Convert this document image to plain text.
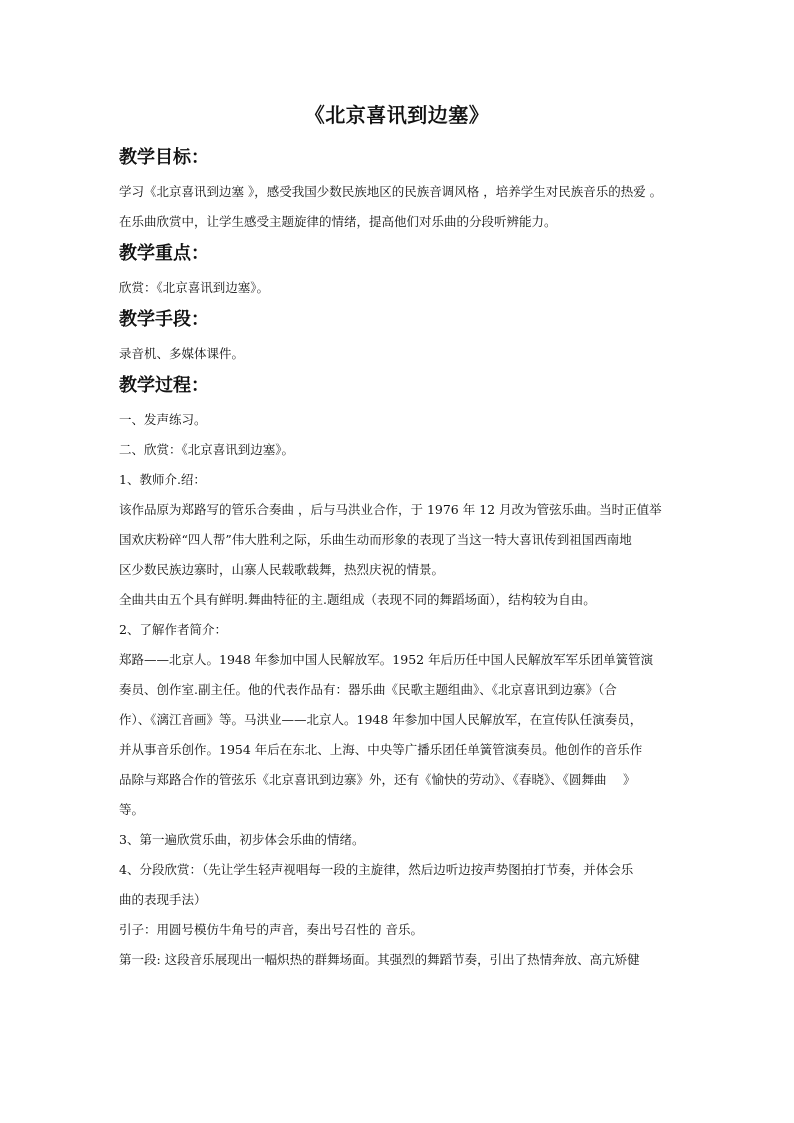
《北京喜讯到边塞》
教学目标：

学习《北京喜讯到边塞 》，感受我国少数民族地区的民族音调风格 ，培养学生对民族音乐的热爱 。

在乐曲欣赏中，让学生感受主题旋律的情绪，提高他们对乐曲的分段听辨能力。

教学重点：

欣赏：《北京喜讯到边塞》。

教学手段：

录音机、多媒体课件。

教学过程：

一、发声练习。

二、欣赏：《北京喜讯到边塞》。

1、教师介.绍：

该作品原为郑路写的管乐合奏曲 ，后与马洪业合作，于 1976 年 12 月改为管弦乐曲。当时正值举

国欢庆粉碎“四人帮”伟大胜利之际，乐曲生动而形象的表现了当这一特大喜讯传到祖国西南地

区少数民族边寨时，山寨人民载歌载舞，热烈庆祝的情景。

全曲共由五个具有鲜明.舞曲特征的主.题组成（表现不同的舞蹈场面），结构较为自由。

2、了解作者简介：

郑路——北京人。1948 年参加中国人民解放军。1952 年后历任中国人民解放军军乐团单簧管演

奏员、创作室.副主任。他的代表作品有：器乐曲《民歌主题组曲》、《北京喜讯到边寨》（合

作）、《漓江音画》等。马洪业——北京人。1948 年参加中国人民解放军，在宣传队任演奏员，

并从事音乐创作。1954 年后在东北、上海、中央等广播乐团任单簧管演奏员。他创作的音乐作

品除与郑路合作的管弦乐《北京喜讯到边寨》外，还有《愉快的劳动》、《春晓》、《圆舞曲 　》

等。

3、第一遍欣赏乐曲，初步体会乐曲的情绪。

4、分段欣赏：（先让学生轻声视唱每一段的主旋律，然后边听边按声势图拍打节奏，并体会乐

曲的表现手法）

引子：用圆号模仿牛角号的声音，奏出号召性的 音乐。

第一段: 这段音乐展现出一幅炽热的群舞场面。其强烈的舞蹈节奏，引出了热情奔放、高亢矫健
